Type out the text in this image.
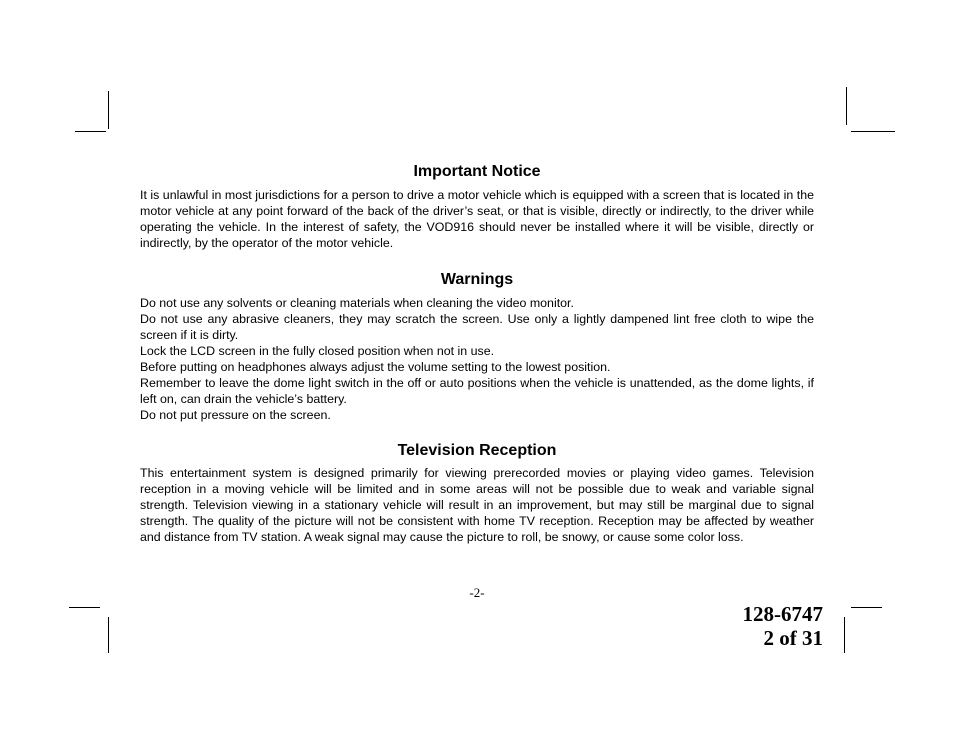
Important Notice

It is unlawful in most jurisdictions for a person to drive a motor vehicle which is equipped with a screen that is located in the motor vehicle at any point forward of the back of the driver’s seat, or that is visible, directly or indirectly, to the driver while operating the vehicle. In the interest of safety, the VOD916 should never be installed where it will be visible, directly or indirectly, by the operator of the motor vehicle.

Warnings
Do not use any solvents or cleaning materials when cleaning the video monitor.
Do not use any abrasive cleaners, they may scratch the screen. Use only a lightly dampened lint free cloth to wipe the screen if it is dirty.
Lock the LCD screen in the fully closed position when not in use.
Before putting on headphones always adjust the volume setting to the lowest position.
Remember to leave the dome light switch in the off or auto positions when the vehicle is unattended, as the dome lights, if left on, can drain the vehicle’s battery.
Do not put pressure on the screen.
Television Reception

This entertainment system is designed primarily for viewing prerecorded movies or playing video games. Television reception in a moving vehicle will be limited and in some areas will not be possible due to weak and variable signal strength. Television viewing in a stationary vehicle will result in an improvement, but may still be marginal due to signal strength. The quality of the picture will not be consistent with home TV reception. Reception may be affected by weather and distance from TV station. A weak signal may cause the picture to roll, be snowy, or cause some color loss.

-2-
128-6747
2 of 31
